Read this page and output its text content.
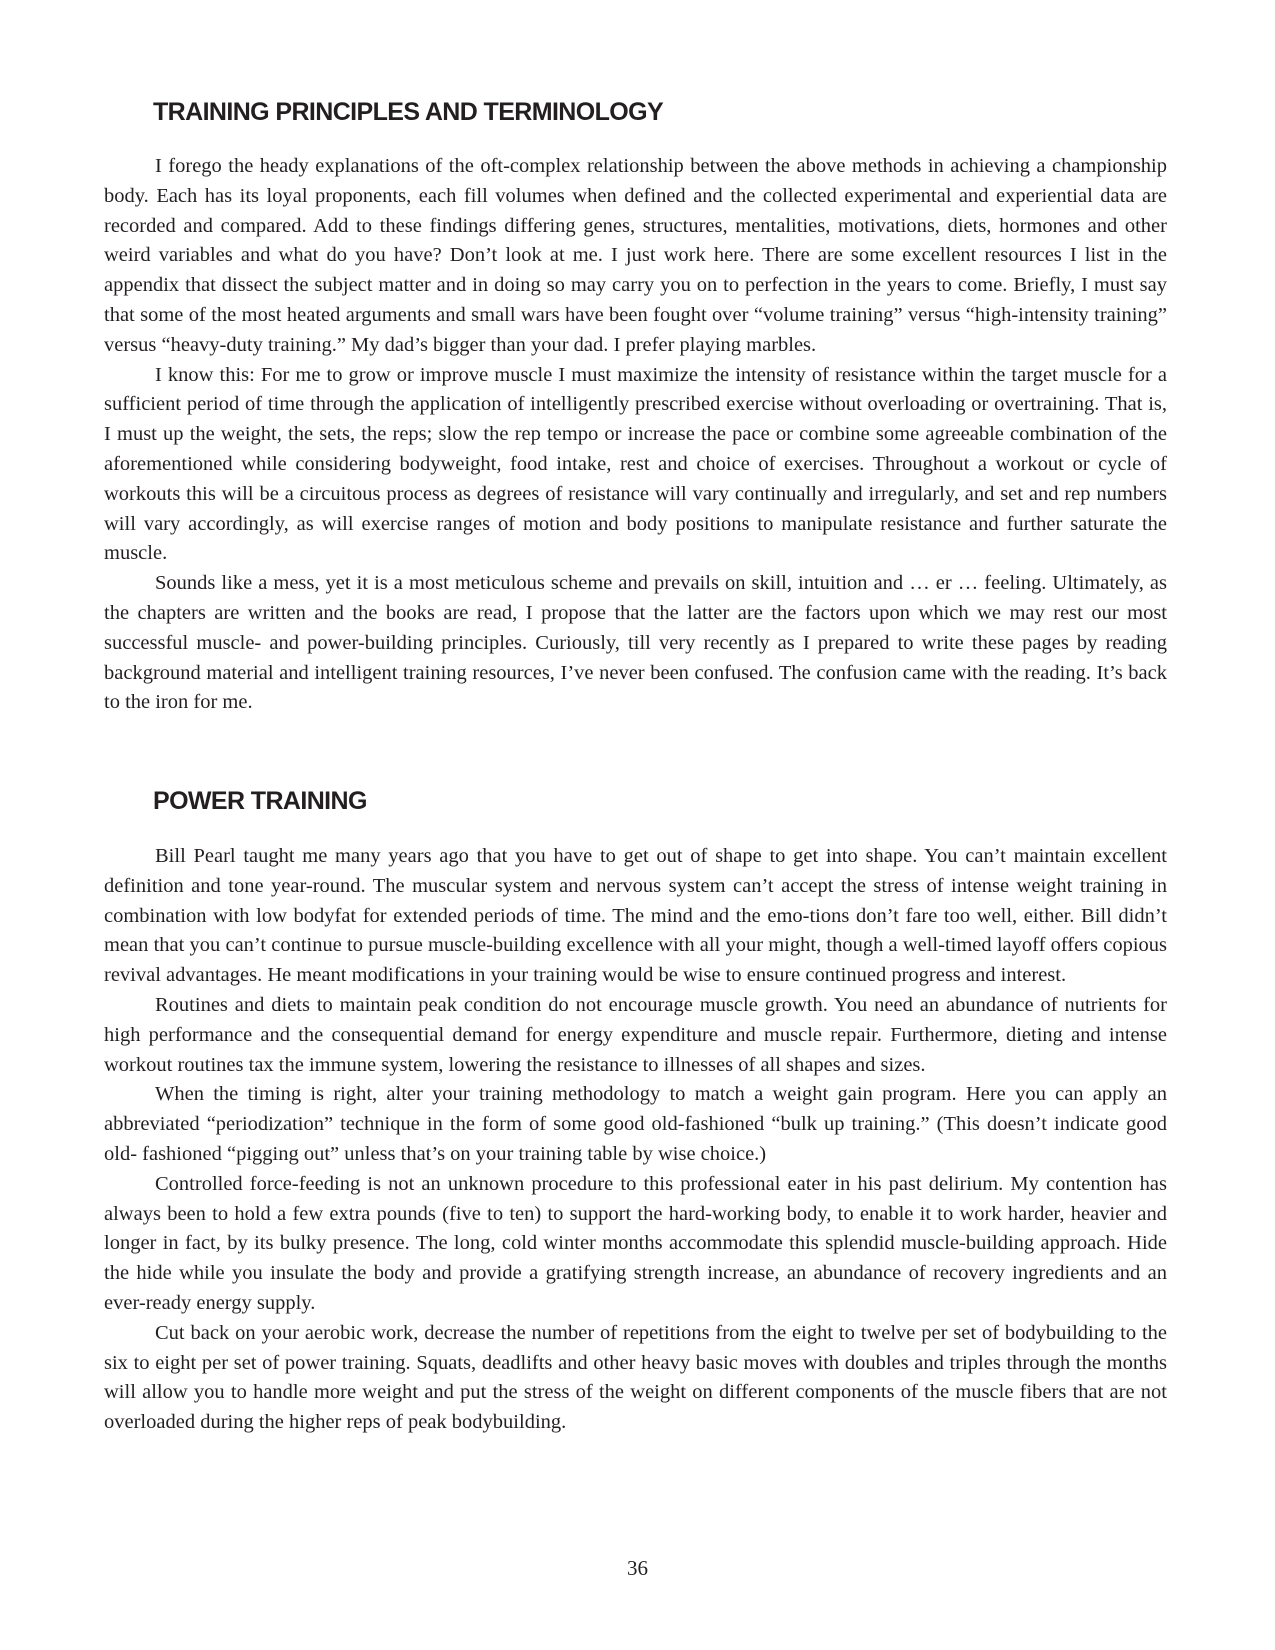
TRAINING PRINCIPLES AND TERMINOLOGY

I forego the heady explanations of the oft-complex relationship between the above methods in achieving a championship body. Each has its loyal proponents, each fill volumes when defined and the collected experimental and experiential data are recorded and compared. Add to these findings differing genes, structures, mentalities, motivations, diets, hormones and other weird variables and what do you have? Don’t look at me. I just work here. There are some excellent resources I list in the appendix that dissect the subject matter and in doing so may carry you on to perfection in the years to come. Briefly, I must say that some of the most heated arguments and small wars have been fought over “volume training” versus “high-intensity training” versus “heavy-duty training.” My dad’s bigger than your dad. I prefer playing marbles.

I know this: For me to grow or improve muscle I must maximize the intensity of resistance within the target muscle for a sufficient period of time through the application of intelligently prescribed exercise without overloading or overtraining. That is, I must up the weight, the sets, the reps; slow the rep tempo or increase the pace or combine some agreeable combination of the aforementioned while considering bodyweight, food intake, rest and choice of exercises. Throughout a workout or cycle of workouts this will be a circuitous process as degrees of resistance will vary continually and irregularly, and set and rep numbers will vary accordingly, as will exercise ranges of motion and body positions to manipulate resistance and further saturate the muscle.

Sounds like a mess, yet it is a most meticulous scheme and prevails on skill, intuition and … er … feeling. Ultimately, as the chapters are written and the books are read, I propose that the latter are the factors upon which we may rest our most successful muscle- and power-building principles. Curiously, till very recently as I prepared to write these pages by reading background material and intelligent training resources, I’ve never been confused. The confusion came with the reading. It’s back to the iron for me.

POWER TRAINING

Bill Pearl taught me many years ago that you have to get out of shape to get into shape. You can’t maintain excellent definition and tone year-round. The muscular system and nervous system can’t accept the stress of intense weight training in combination with low bodyfat for extended periods of time. The mind and the emo-tions don’t fare too well, either. Bill didn’t mean that you can’t continue to pursue muscle-building excellence with all your might, though a well-timed layoff offers copious revival advantages. He meant modifications in your training would be wise to ensure continued progress and interest.

Routines and diets to maintain peak condition do not encourage muscle growth. You need an abundance of nutrients for high performance and the consequential demand for energy expenditure and muscle repair. Furthermore, dieting and intense workout routines tax the immune system, lowering the resistance to illnesses of all shapes and sizes.

When the timing is right, alter your training methodology to match a weight gain program. Here you can apply an abbreviated “periodization” technique in the form of some good old-fashioned “bulk up training.” (This doesn’t indicate good old- fashioned “pigging out” unless that’s on your training table by wise choice.)

Controlled force-feeding is not an unknown procedure to this professional eater in his past delirium. My contention has always been to hold a few extra pounds (five to ten) to support the hard-working body, to enable it to work harder, heavier and longer in fact, by its bulky presence. The long, cold winter months accommodate this splendid muscle-building approach. Hide the hide while you insulate the body and provide a gratifying strength increase, an abundance of recovery ingredients and an ever-ready energy supply.

Cut back on your aerobic work, decrease the number of repetitions from the eight to twelve per set of bodybuilding to the six to eight per set of power training. Squats, deadlifts and other heavy basic moves with doubles and triples through the months will allow you to handle more weight and put the stress of the weight on different components of the muscle fibers that are not overloaded during the higher reps of peak bodybuilding.

36
